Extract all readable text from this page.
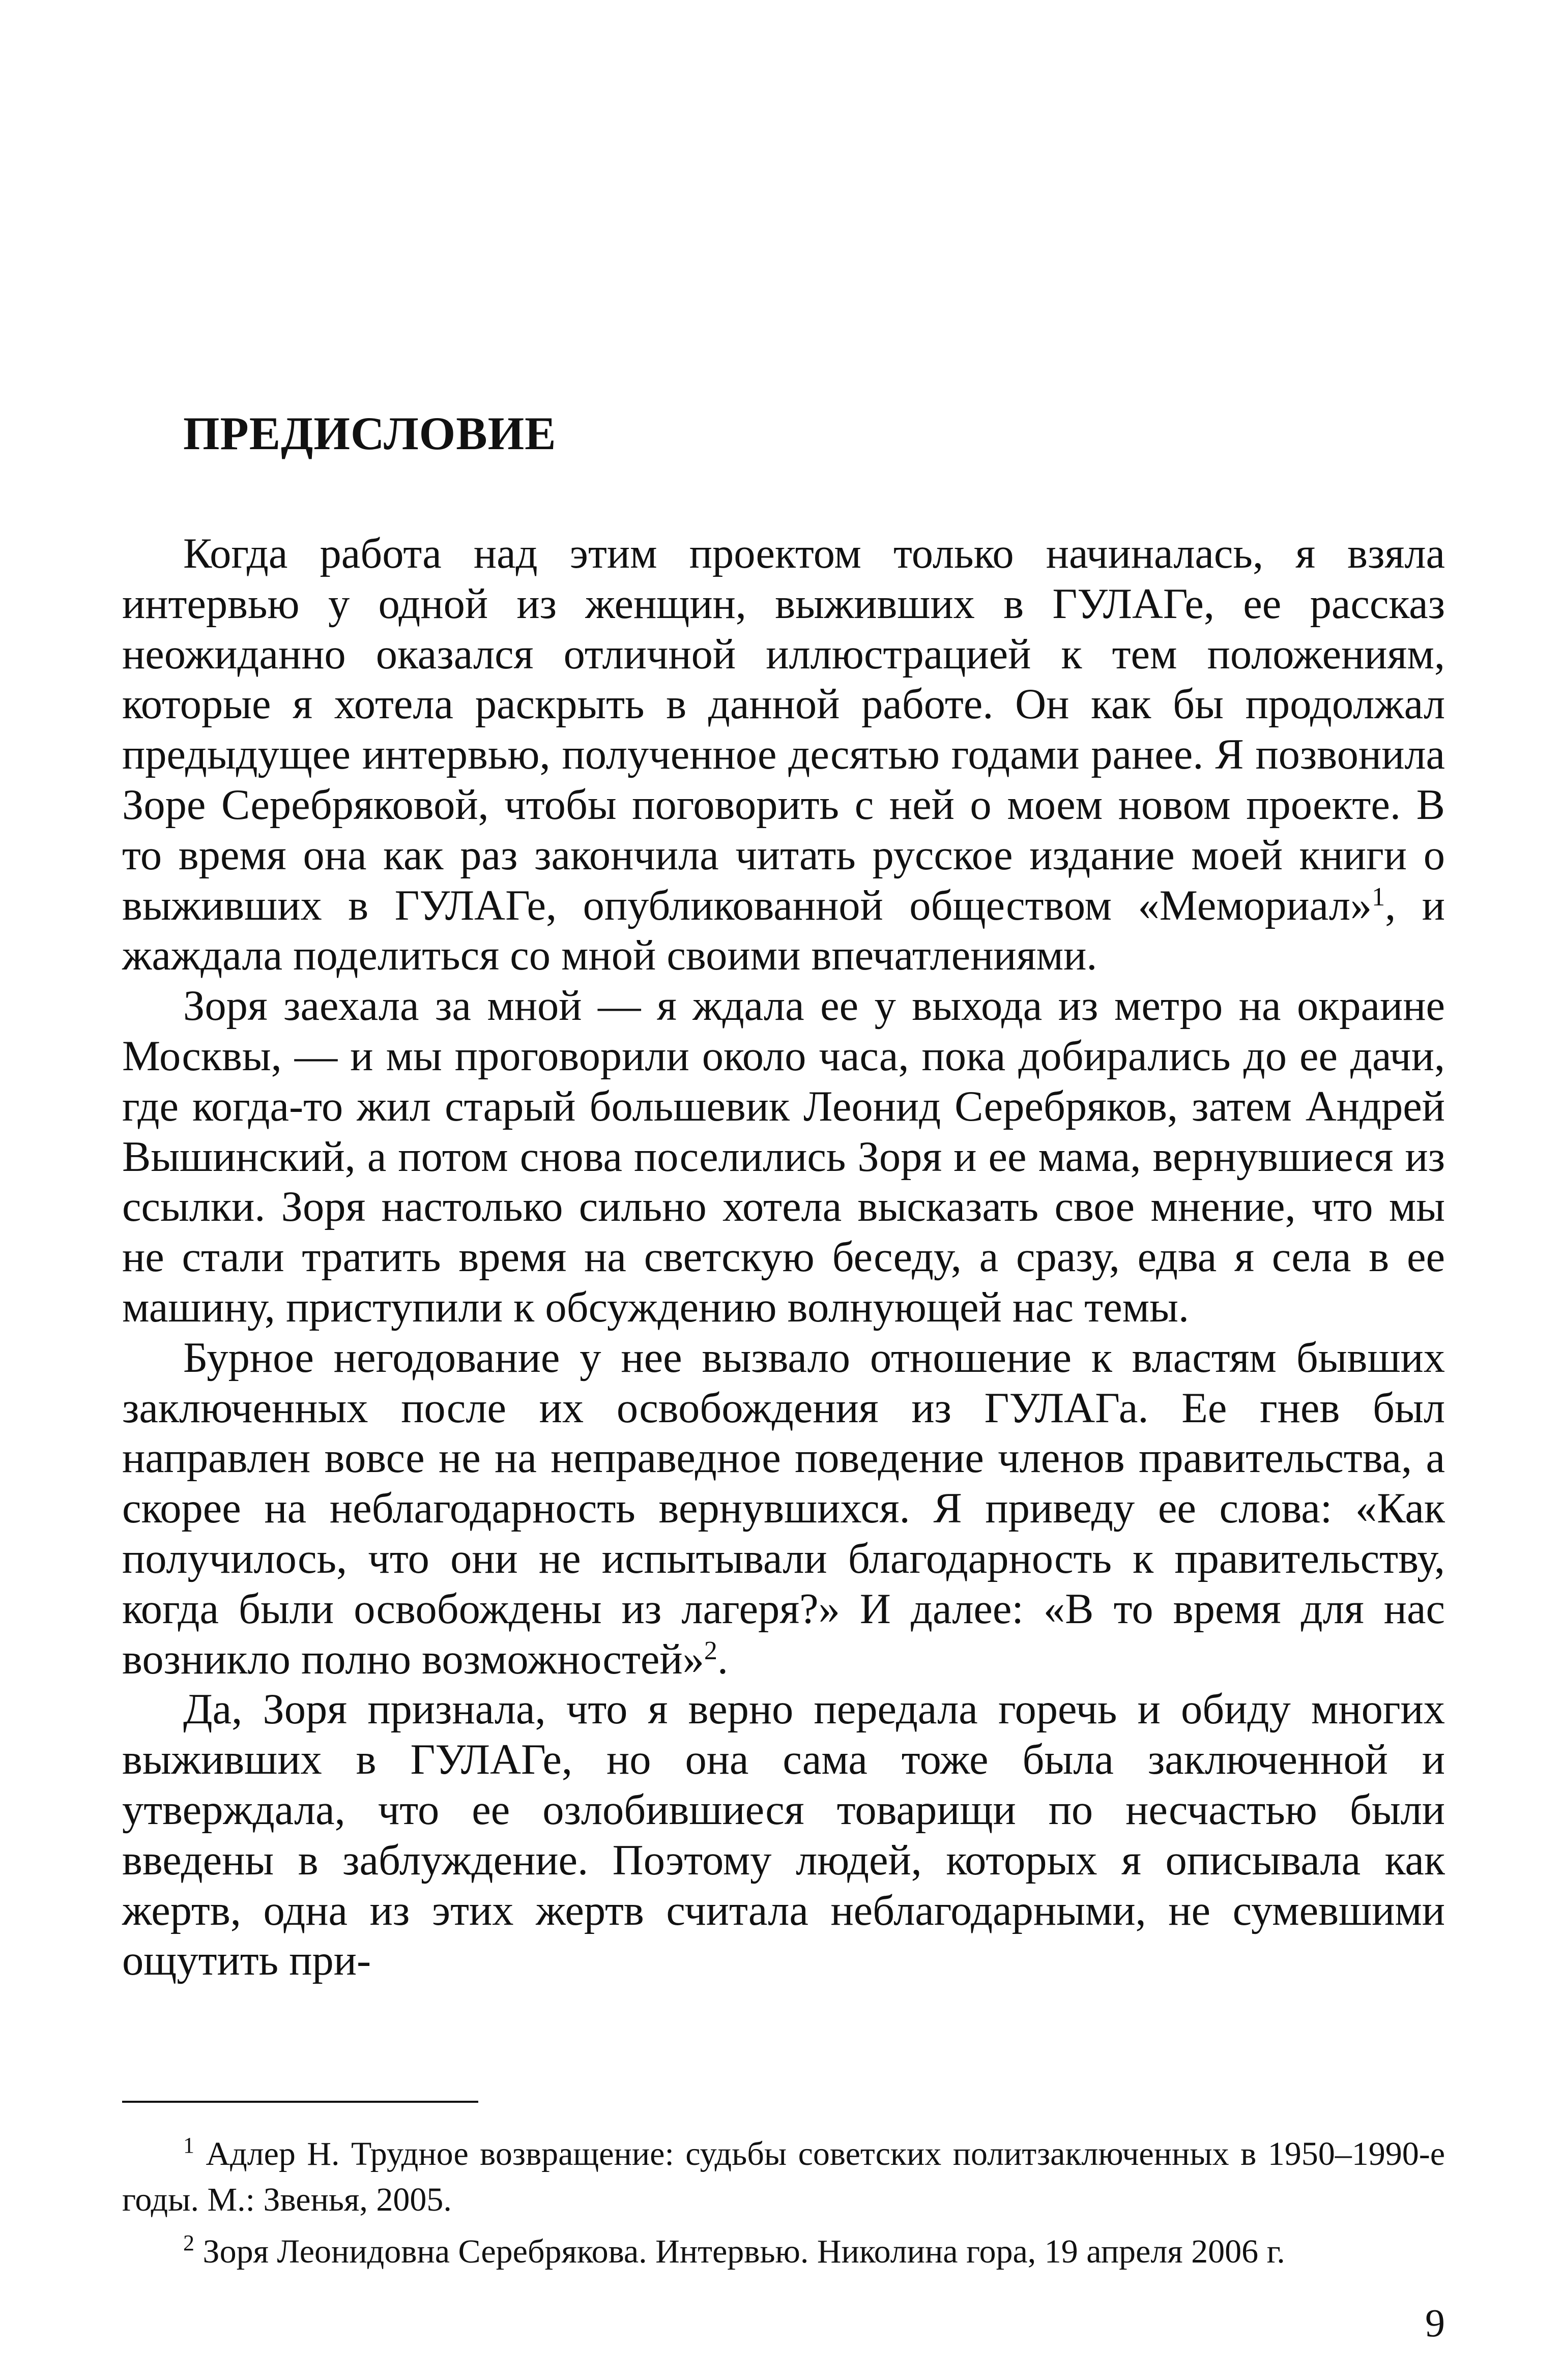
ПРЕДИСЛОВИЕ

Когда работа над этим проектом только начиналась, я взяла интервью у одной из женщин, выживших в ГУЛАГе, ее рассказ неожиданно оказался отличной иллюстрацией к тем положениям, которые я хотела раскрыть в данной работе. Он как бы продолжал предыдущее интервью, полученное десятью годами ранее. Я позвонила Зоре Серебряковой, чтобы поговорить с ней о моем новом проекте. В то время она как раз закончила читать русское издание моей книги о выживших в ГУЛАГе, опубликованной обществом «Мемориал»$^1$, и жаждала поделиться со мной своими впечатлениями.

Зоря заехала за мной — я ждала ее у выхода из метро на окраине Москвы, — и мы проговорили около часа, пока добирались до ее дачи, где когда-то жил старый большевик Леонид Серебряков, затем Андрей Вышинский, а потом снова поселились Зоря и ее мама, вернувшиеся из ссылки. Зоря настолько сильно хотела высказать свое мнение, что мы не стали тратить время на светскую беседу, а сразу, едва я села в ее машину, приступили к обсуждению волнующей нас темы.

Бурное негодование у нее вызвало отношение к властям бывших заключенных после их освобождения из ГУЛАГа. Ее гнев был направлен вовсе не на неправедное поведение членов правительства, а скорее на неблагодарность вернувшихся. Я приведу ее слова: «Как получилось, что они не испытывали благодарность к правительству, когда были освобождены из лагеря?» И далее: «В то время для нас возникло полно возможностей»$^2$.

Да, Зоря признала, что я верно передала горечь и обиду многих выживших в ГУЛАГе, но она сама тоже была заключенной и утверждала, что ее озлобившиеся товарищи по несчастью были введены в заблуждение. Поэтому людей, которых я описывала как жертв, одна из этих жертв считала неблагодарными, не сумевшими ощутить при-

$^1$ Адлер Н. Трудное возвращение: судьбы советских политзаключенных в 1950–1990-е годы. М.: Звенья, 2005.

$^2$ Зоря Леонидовна Серебрякова. Интервью. Николина гора, 19 апреля 2006 г.

9
